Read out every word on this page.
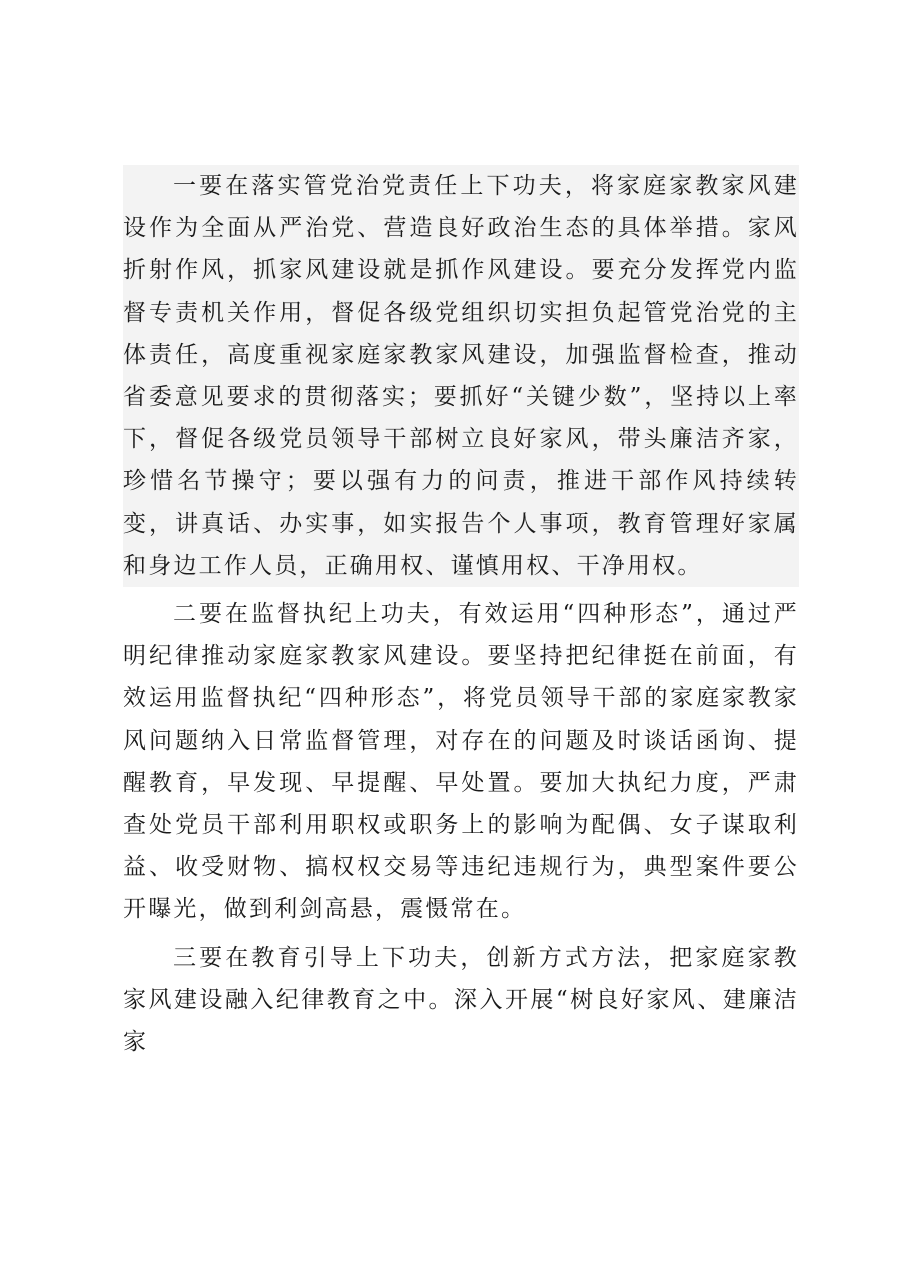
一要在落实管党治党责任上下功夫，将家庭家教家风建设作为全面从严治党、营造良好政治生态的具体举措。家风折射作风，抓家风建设就是抓作风建设。要充分发挥党内监督专责机关作用，督促各级党组织切实担负起管党治党的主体责任，高度重视家庭家教家风建设，加强监督检查，推动省委意见要求的贯彻落实；要抓好“关键少数”，坚持以上率下，督促各级党员领导干部树立良好家风，带头廉洁齐家，珍惜名节操守；要以强有力的问责，推进干部作风持续转变，讲真话、办实事，如实报告个人事项，教育管理好家属和身边工作人员，正确用权、谨慎用权、干净用权。

二要在监督执纪上功夫，有效运用“四种形态”，通过严明纪律推动家庭家教家风建设。要坚持把纪律挺在前面，有效运用监督执纪“四种形态”，将党员领导干部的家庭家教家风问题纳入日常监督管理，对存在的问题及时谈话函询、提醒教育，早发现、早提醒、早处置。要加大执纪力度，严肃查处党员干部利用职权或职务上的影响为配偶、女子谋取利益、收受财物、搞权权交易等违纪违规行为，典型案件要公开曝光，做到利剑高悬，震慑常在。

三要在教育引导上下功夫，创新方式方法，把家庭家教家风建设融入纪律教育之中。深入开展“树良好家风、建廉洁家
